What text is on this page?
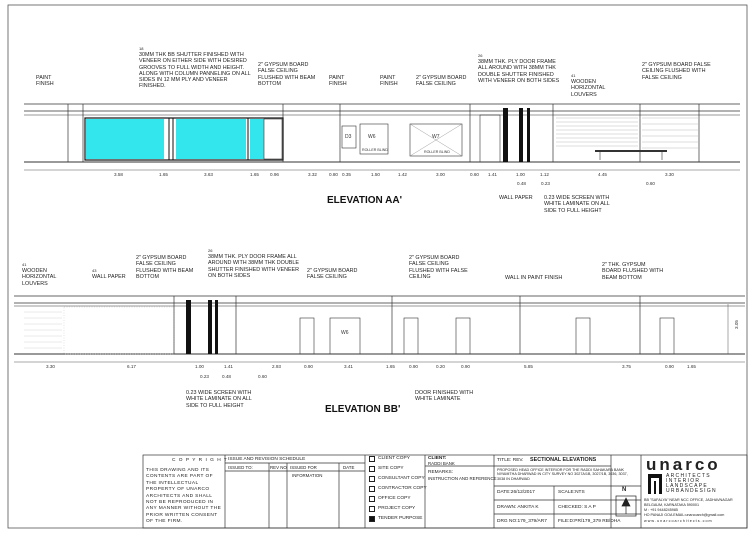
18
30MM THK BB SHUTTER FINISHED WITH VENEER ON EITHER SIDE WITH DESIRED GROOVES TO FULL WIDTH AND HEIGHT. ALONG WITH COLUMN PANNELING ON ALL SIDES IN 12 MM PLY AND VENEER FINISHED.
PAINT FINISH
2" GYPSUM BOARD FALSE CEILING FLUSHED WITH BEAM BOTTOM
PAINT FINISH
PAINT FINISH
2" GYPSUM BOARD FALSE CEILING
26
38MM THK. PLY DOOR FRAME ALL AROUND WITH 38MM THK DOUBLE SHUTTER FINISHED WITH VENEER ON BOTH SIDES
41
WOODEN HORIZONTAL LOUVERS
2" GYPSUM BOARD FALSE CEILING FLUSHED WITH FALSE CEILING
WALL PAPER	0.23 WIDE SCREEN WITH WHITE LAMINATE ON ALL SIDE TO FULL HEIGHT
D3	W6	W7
ROLLER BLIND	ROLLER BLIND
3.58	1.65	3.63	1.65 0.96	3.32	0.80 0.35	1.50	1.42	3.00	0.60 1.41	1.00	1.12	4.45	3.30
0.48	0.23	0.60
ELEVATION AA'
41
WOODEN HORIZONTAL LOUVERS
43
WALL PAPER
2" GYPSUM BOARD FALSE CEILING FLUSHED WITH BEAM BOTTOM
26
38MM THK. PLY DOOR FRAME ALL AROUND WITH 38MM THK DOUBLE SHUTTER FINISHED WITH VENEER ON BOTH SIDES
2" GYPSUM BOARD FALSE CEILING
2" GYPSUM BOARD FALSE CEILING FLUSHED WITH FALSE CEILING	WALL IN PAINT FINISH
2" THK. GYPSUM BOARD FLUSHED WITH BEAM BOTTOM
0.23 WIDE SCREEN WITH WHITE LAMINATE ON ALL SIDE TO FULL HEIGHT
DOOR FINISHED WITH WHITE LAMINATE
W6
3.05
3.30	6.17	1.00	1.41	2.93	0.90	3.41	1.65	0.90	0.20	0.90	5.85	3.75	0.90	1.65
0.23	0.48	0.60
ELEVATION BB'
C O P Y R I G H T
THIS DRAWING AND ITS CONTENTS ARE PART OF THE INTELLECTUAL PROPERTY OF UNARCO ARCHITECTS AND SHALL NOT BE REPRODUCED IN ANY MANNER WITHOUT THE PRIOR WRITTEN CONSENT OF THE FIRM.
ISSUE AND REVISION SCHEDULE
ISSUED TO:	REV NO ISSUED FOR	DATE
INFORMATION
CLIENT COPY
SITE COPY
CONSULTANT COPY
CONTRACTOR COPY
OFFICE COPY
PROJECT COPY
TENDER PURPOSE
CLIENT:
RADDI BANK
REMARKS:
INSTRUCTION AND REFERENCE
TITLE: REV. SECTIONAL ELEVATIONS
PROPOSED HEAD OFFICE INTERIOR FOR THE RADDI SAHAKARA BANK NIYAMITHA DHARWAD IN CITY SURVEY NO 3027A/1B, 3027/1B, 3036, 3037, 3038 IN DHARWAD
DATE:26/12/2017	SCALE:NTS
DRAWN: ANKITA K	CHECKED: S A P
DRG NO:179_379/AR7 FILE:D:PR/179_379 RB/DHA
N
unarco
ARCHITECTS
INTERIOR
LANDSCAPE
URBANDESIGN
BB "SAFALYA" NEAR NCC OFFICE, JADHAVNAGAR
BELGAUM, KARNATAKA 590001
M : +91 9448245985
HO PANAJI GOA EMAIL:unarcoarch@gmail.com
w w w . u n a r c o a r c h i t e c t s . c o m
